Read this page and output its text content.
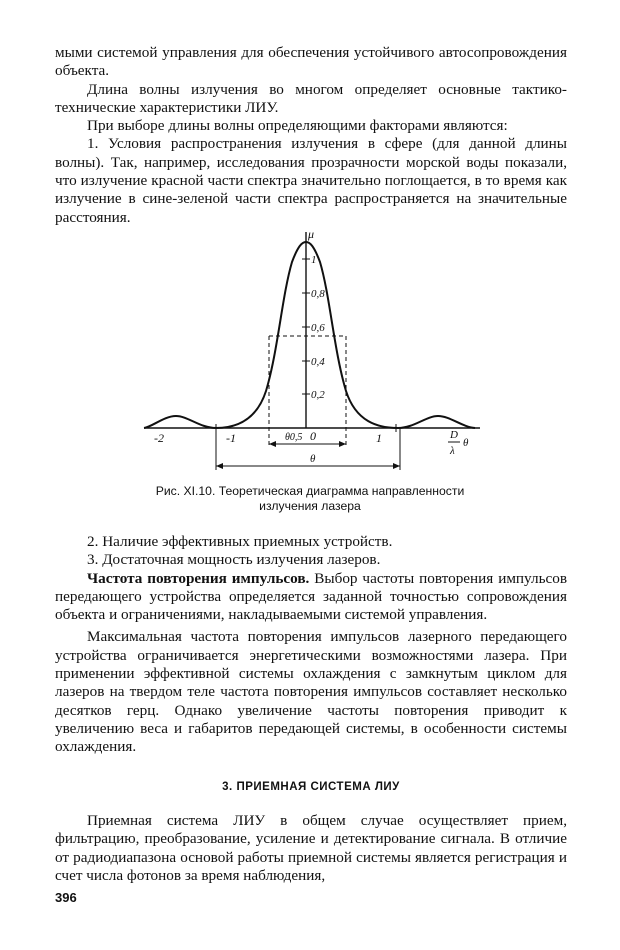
мыми системой управления для обеспечения устойчивого автосопровождения объекта.

Длина волны излучения во многом определяет основные тактико-технические характеристики ЛИУ.

При выборе длины волны определяющими факторами являются:

1. Условия распространения излучения в сфере (для данной длины волны). Так, например, исследования прозрачности морской воды показали, что излучение красной части спектра значительно поглощается, в то время как излучение в сине-зеленой части спектра распространяется на значительные расстояния.

μ
1
0,8
0,6
0,4
0,2
-2	-1	0	1	D
λ
θ
θ0,5
θ

Рис. XI.10. Теоретическая диаграмма направленности

излучения лазера

2. Наличие эффективных приемных устройств.

3. Достаточная мощность излучения лазеров.

Частота повторения импульсов. Выбор частоты повторения импульсов передающего устройства определяется заданной точностью сопровождения объекта и ограничениями, накладываемыми системой управления.

Максимальная частота повторения импульсов лазерного передающего устройства ограничивается энергетическими возможностями лазера. При применении эффективной системы охлаждения с замкнутым циклом для лазеров на твердом теле частота повторения импульсов составляет несколько десятков герц. Однако увеличение частоты повторения приводит к увеличению веса и габаритов передающей системы, в особенности системы охлаждения.

3. ПРИЕМНАЯ СИСТЕМА ЛИУ

Приемная система ЛИУ в общем случае осуществляет прием, фильтрацию, преобразование, усиление и детектирование сигнала. В отличие от радиодиапазона основой работы приемной системы является регистрация и счет числа фотонов за время наблюдения,

396
